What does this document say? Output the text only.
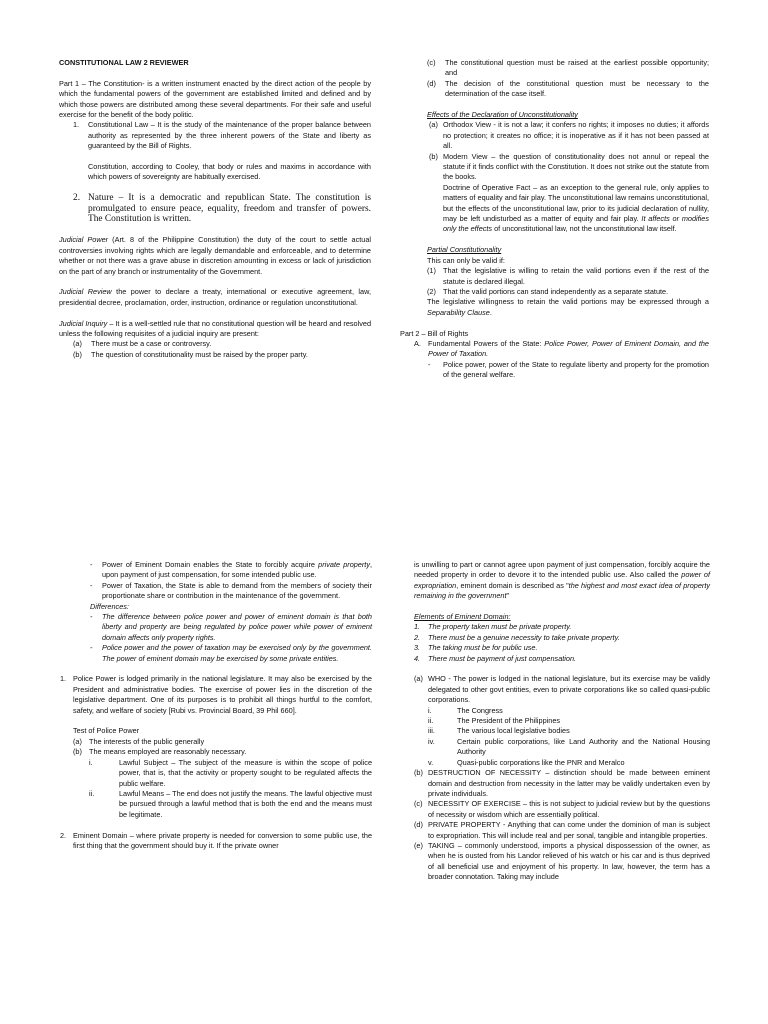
CONSTITUTIONAL LAW 2 REVIEWER

Part 1 – The Constitution- is a written instrument enacted by the direct action of the people by which the fundamental powers of the government are established limited and defined and by which those powers are distributed among these several departments. For their safe and useful exercise for the benefit of the body politic.

1.	Constitutional Law – It is the study of the maintenance of the proper balance between authority as represented by the three inherent powers of the State and liberty as guaranteed by the Bill of Rights.

Constitution, according to Cooley, that body or rules and maxims in accordance with which powers of sovereignty are habitually exercised.

2. Nature – It is a democratic and republican State. The constitution is promulgated to ensure peace, equality, freedom and transfer of powers. The Constitution is written.

Judicial Power (Art. 8 of the Philippine Constitution) the duty of the court to settle actual controversies involving rights which are legally demandable and enforceable, and to determine whether or not there was a grave abuse in discretion amounting in excess or lack of jurisdiction on the part of any branch or instrumentality of the Government.

Judicial Review the power to declare a treaty, international or executive agreement, law, presidential decree, proclamation, order, instruction, ordinance or regulation unconstitutional.

Judicial Inquiry – It is a well-settled rule that no constitutional question will be heard and resolved unless the following requisites of a judicial inquiry are present:

(a)	There must be a case or controversy.
(b)	The question of constitutionality must be raised by the proper party.
(c)	The constitutional question must be raised at the earliest possible opportunity; and
(d)	The decision of the constitutional question must be necessary to the determination of the case itself.

Effects of the Declaration of Unconstitutionality

(a) Orthodox View - it is not a law; it confers no rights; it imposes no duties; it affords no protection; it creates no office; it is inoperative as if it has not been passed at all.
(b) Modern View – the question of constitutionality does not annul or repeal the statute if it finds conflict with the Constitution. It does not strike out the statute from the books.

Doctrine of Operative Fact – as an exception to the general rule, only applies to matters of equality and fair play. The unconstitutional law remains unconstitutional, but the effects of the unconstitutional law, prior to its judicial declaration of nullity, may be left undisturbed as a matter of equity and fair play. It affects or modifies only the effects of unconstitutional law, not the unconstitutional law itself.

Partial Constitutionality

This can only be valid if:

(1) That the legislative is willing to retain the valid portions even if the rest of the statute is declared illegal.
(2) That the valid portions can stand independently as a separate statute.

The legislative willingness to retain the valid portions may be expressed through a Separability Clause.

Part 2 – Bill of Rights

A. Fundamental Powers of the State: Police Power, Power of Eminent Domain, and the Power of Taxation.
-	Police power, power of the State to regulate liberty and property for the promotion of the general welfare.
-	Power of Eminent Domain enables the State to forcibly acquire private property, upon payment of just compensation, for some intended public use.
-	Power of Taxation, the State is able to demand from the members of society their proportionate share or contribution in the maintenance of the government.

Differences:

-	The difference between police power and power of eminent domain is that both liberty and property are being regulated by police power while power of eminent domain affects only property rights.
-	Police power and the power of taxation may be exercised only by the government. The power of eminent domain may be exercised by some private entities.
1. Police Power is lodged primarily in the national legislature. It may also be exercised by the President and administrative bodies. The exercise of power lies in the discretion of the legislative department. One of its purposes is to prohibit all things hurtful to the comfort, safety, and welfare of society [Rubi vs. Provincial Board, 39 Phil 660].

Test of Police Power

(a) The interests of the public generally
(b) The means employed are reasonably necessary.
i.	Lawful Subject – The subject of the measure is within the scope of police power, that is, that the activity or property sought to be regulated affects the public welfare.
ii.	Lawful Means – The end does not justify the means. The lawful objective must be pursued through a lawful method that is both the end and the means must be legitimate.
2. Eminent Domain – where private property is needed for conversion to some public use, the first thing that the government should buy it. If the private owner

is unwilling to part or cannot agree upon payment of just compensation, forcibly acquire the needed property in order to devore it to the intended public use. Also called the power of expropriation, eminent domain is described as "the highest and most exact idea of property remaining in the government"

Elements of Eminent Domain:

1.	The property taken must be private property.
2.	There must be a genuine necessity to take private property.
3.	The taking must be for public use.
4.	There must be payment of just compensation.
(a) WHO - The power is lodged in the national legislature, but its exercise may be validly delegated to other govt entities, even to private corporations like so called quasi-public corporations.
i.	The Congress
ii.	The President of the Philippines
iii.	The various local legislative bodies
iv.	Certain public corporations, like Land Authority and the National Housing Authority
v.	Quasi-public corporations like the PNR and Meralco
(b) DESTRUCTION OF NECESSITY – distinction should be made between eminent domain and destruction from necessity in the latter may be validly undertaken even by private individuals.
(c) NECESSITY OF EXERCISE – this is not subject to judicial review but by the questions of necessity or wisdom which are essentially political.
(d) PRIVATE PROPERTY - Anything that can come under the dominion of man is subject to expropriation. This will include real and per sonal, tangible and intangible properties.
(e) TAKING – commonly understood, imports a physical dispossession of the owner, as when he is ousted from his Landor relieved of his watch or his car and is thus deprived of all beneficial use and enjoyment of his property. In law, however, the term has a broader connotation. Taking may include
